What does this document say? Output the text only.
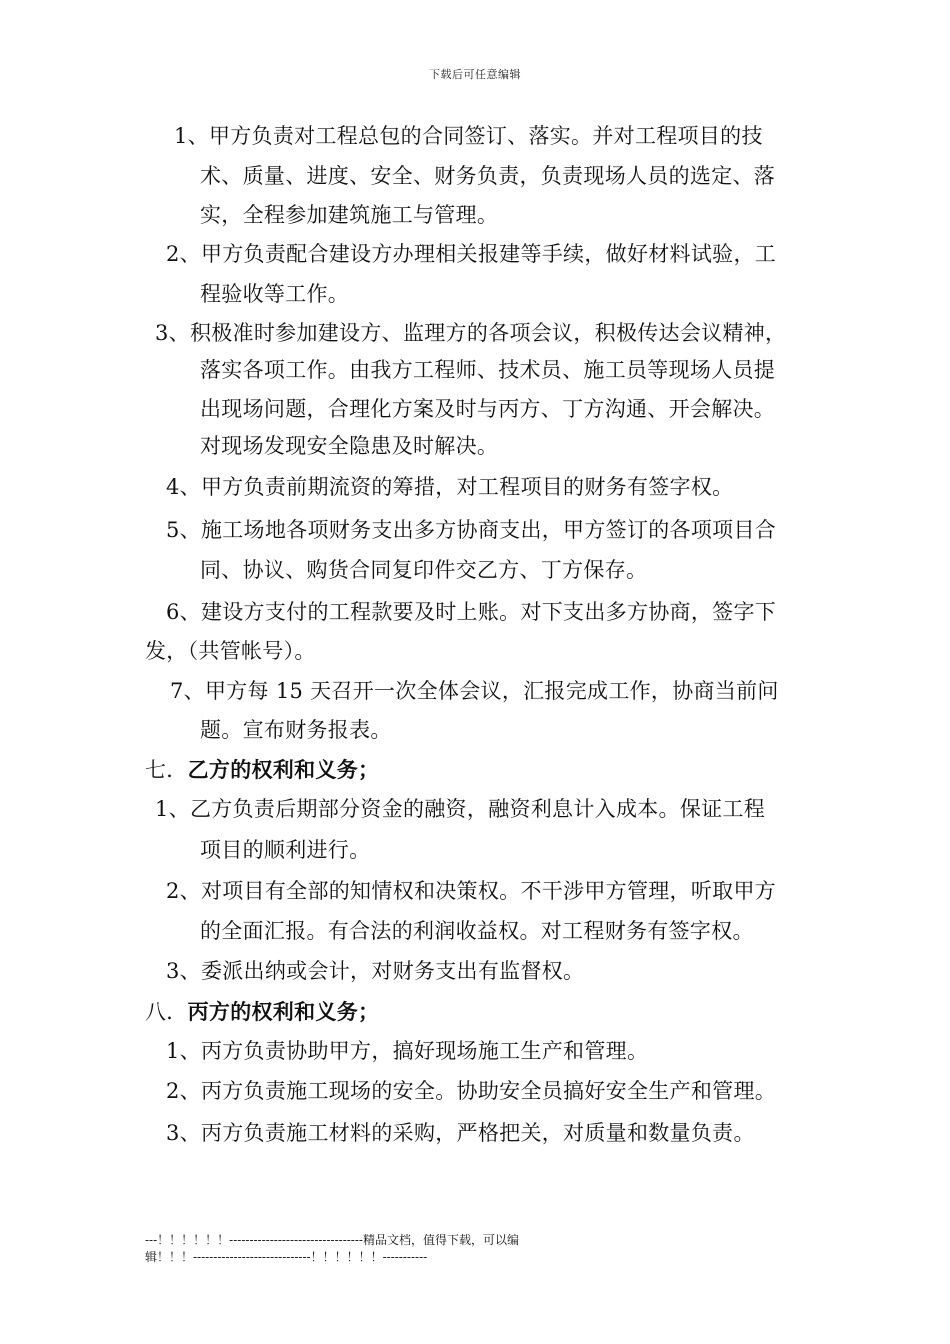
下载后可任意编辑
1、甲方负责对工程总包的合同签订、落实。并对工程项目的技
术、质量、进度、安全、财务负责，负责现场人员的选定、落
实，全程参加建筑施工与管理。
2、甲方负责配合建设方办理相关报建等手续，做好材料试验，工
程验收等工作。
3、积极准时参加建设方、监理方的各项会议，积极传达会议精神，
落实各项工作。由我方工程师、技术员、施工员等现场人员提
出现场问题，合理化方案及时与丙方、丁方沟通、开会解决。
对现场发现安全隐患及时解决。
4、甲方负责前期流资的筹措，对工程项目的财务有签字权。
5、施工场地各项财务支出多方协商支出，甲方签订的各项项目合
同、协议、购货合同复印件交乙方、丁方保存。
6、建设方支付的工程款要及时上账。对下支出多方协商，签字下
发，（共管帐号）。
7、甲方每 15 天召开一次全体会议，汇报完成工作，协商当前问
题。宣布财务报表。
七．乙方的权利和义务；
1、乙方负责后期部分资金的融资，融资利息计入成本。保证工程
项目的顺利进行。
2、对项目有全部的知情权和决策权。不干涉甲方管理，听取甲方
的全面汇报。有合法的利润收益权。对工程财务有签字权。
3、委派出纳或会计，对财务支出有监督权。
八．丙方的权利和义务；
1、丙方负责协助甲方，搞好现场施工生产和管理。
2、丙方负责施工现场的安全。协助安全员搞好安全生产和管理。
3、丙方负责施工材料的采购，严格把关，对质量和数量负责。
---！！！！！！---------------------------------精品文档，值得下载，可以编
辑！！！-----------------------------！！！！！！-----------
